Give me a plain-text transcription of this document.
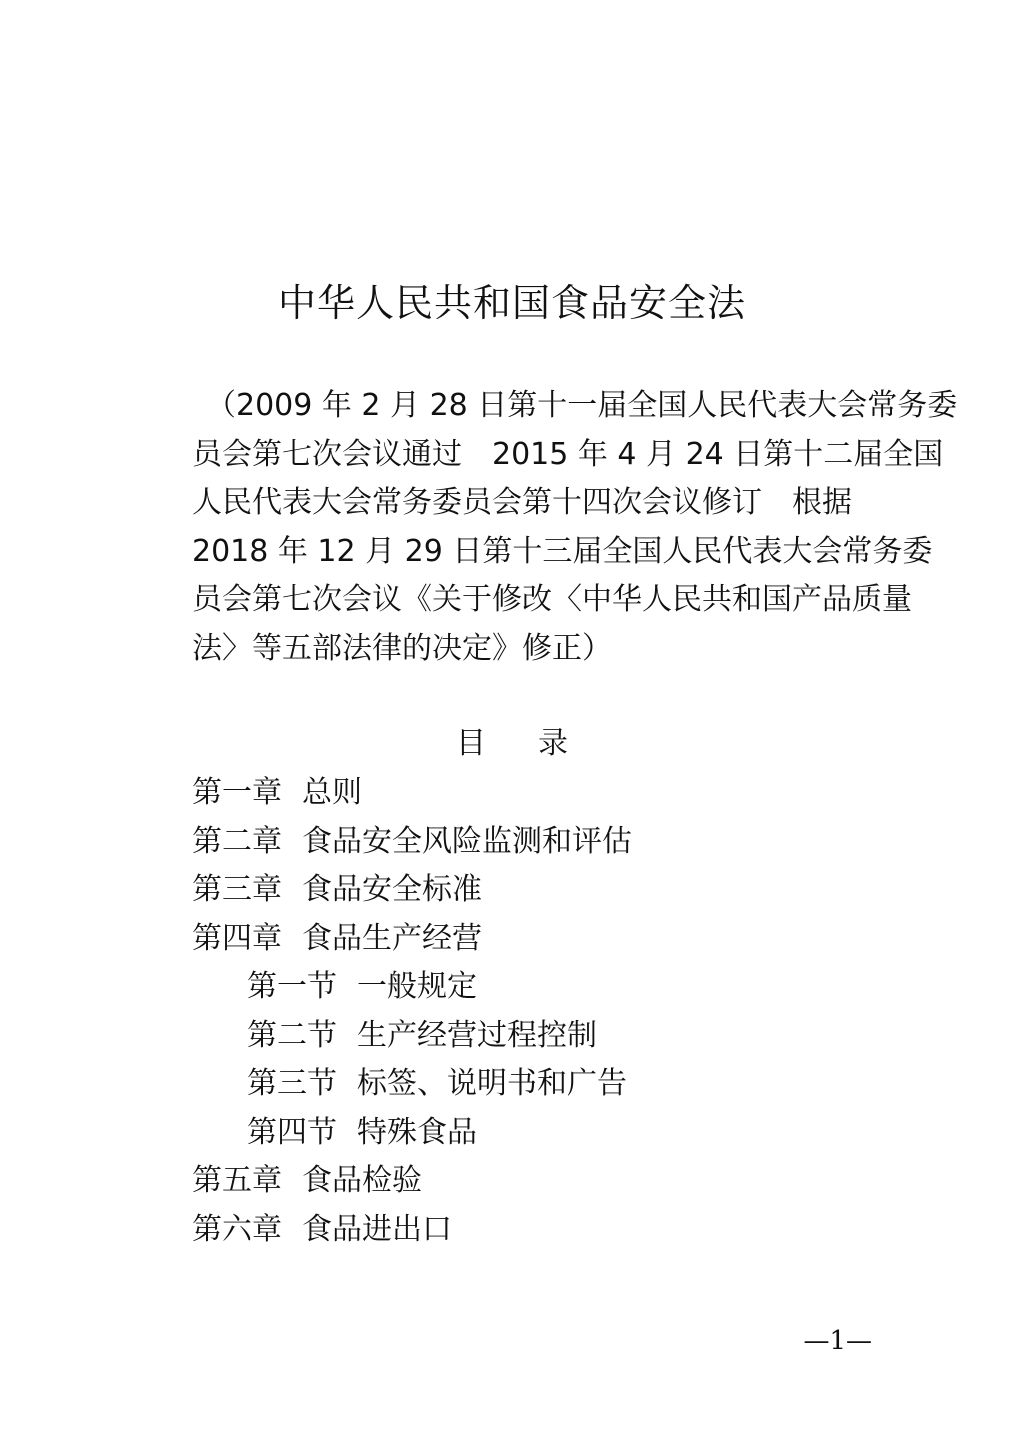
中华人民共和国食品安全法
（2009 年 2 月 28 日第十一届全国人民代表大会常务委
员会第七次会议通过　2015 年 4 月 24 日第十二届全国
人民代表大会常务委员会第十四次会议修订　根据
2018 年 12 月 29 日第十三届全国人民代表大会常务委
员会第七次会议《关于修改〈中华人民共和国产品质量
法〉等五部法律的决定》修正）
目 录
第一章 总则
第二章 食品安全风险监测和评估
第三章 食品安全标准
第四章 食品生产经营
第一节 一般规定
第二节 生产经营过程控制
第三节 标签、说明书和广告
第四节 特殊食品
第五章 食品检验
第六章 食品进出口
—1—
